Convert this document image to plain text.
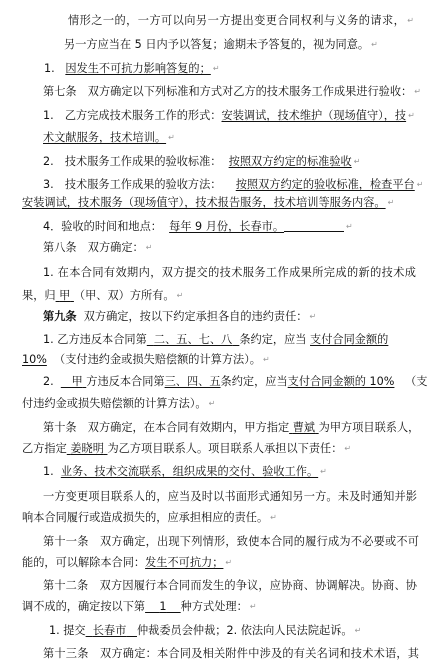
情形之一的，一方可以向另一方提出变更合同权利与义务的请求， ↵
另一方应当在 5 日内予以答复；逾期未予答复的，视为同意。 ↵
1. 因发生不可抗力影响答复的； ↵
第七条　双方确定以下列标准和方式对乙方的技术服务工作成果进行验收： ↵
1.　乙方完成技术服务工作的形式：安装调试，技术维护（现场值守），技 ↵
术文献服务，技术培训。 ↵
2.　技术服务工作成果的验收标准： 按照双方约定的标准验收 ↵
3.　技术服务工作成果的验收方法： 按照双方约定的验收标准，检查平台 ↵
安装调试，技术服务（现场值守），技术报告服务，技术培训等服务内容。 ↵
4．验收的时间和地点： 每年 9 月份，长春市。	↵
第八条　双方确定： ↵
1. 在本合同有效期内，双方提交的技术服务工作成果所完成的新的技术成
果，归 甲 （甲、双）方所有。 ↵
第九条 双方确定，按以下约定承担各自的违约责任： ↵
1. 乙方违反本合同第 二、五、七、八 条约定，应当 支付合同金额的
10% （支付违约金或损失赔偿额的计算方法）。 ↵
2. 甲 方违反本合同第三、四、五条约定，应当支付合同金额的 10% （支
付违约金或损失赔偿额的计算方法）。 ↵
第十条　双方确定，在本合同有效期内，甲方指定 曹斌 为甲方项目联系人，
乙方指定 姜晓明 为乙方项目联系人。项目联系人承担以下责任： ↵
1. 业务、技术交流联系，组织成果的交付、验收工作。 ↵
一方变更项目联系人的，应当及时以书面形式通知另一方。未及时通知并影
响本合同履行或造成损失的，应承担相应的责任。 ↵
第十一条　双方确定，出现下列情形，致使本合同的履行成为不必要或不可
能的，可以解除本合同：发生不可抗力； ↵
第十二条　双方因履行本合同而发生的争议，应协商、协调解决。协商、协
调不成的，确定按以下第 1 种方式处理： ↵
1. 提交 长春市 仲裁委员会仲裁；2. 依法向人民法院起诉。 ↵
第十三条　双方确定：本合同及相关附件中涉及的有关名词和技术术语，其
